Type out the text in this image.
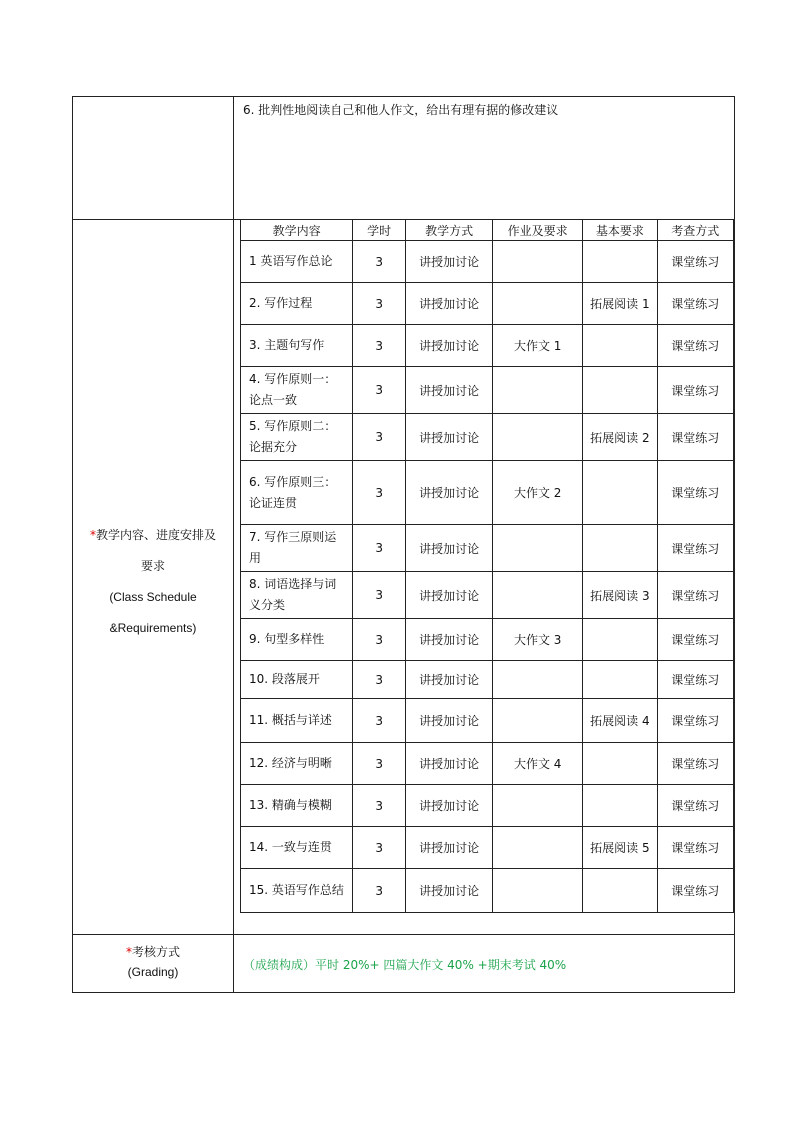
6. 批判性地阅读自己和他人作文，给出有理有据的修改建议
*教学内容、进度安排及
要求
(Class Schedule
&Requirements)
教学内容	学时	教学方式	作业及要求	基本要求	考查方式
1 英语写作总论	3	讲授加讨论			课堂练习
2. 写作过程	3	讲授加讨论		拓展阅读 1	课堂练习
3. 主题句写作	3	讲授加讨论	大作文 1		课堂练习
4. 写作原则一：论点一致	3	讲授加讨论			课堂练习
5. 写作原则二：论据充分	3	讲授加讨论		拓展阅读 2	课堂练习
6. 写作原则三： 论证连贯	3	讲授加讨论	大作文 2		课堂练习
7. 写作三原则运用	3	讲授加讨论			课堂练习
8. 词语选择与词义分类	3	讲授加讨论		拓展阅读 3	课堂练习
9. 句型多样性	3	讲授加讨论	大作文 3		课堂练习
10. 段落展开	3	讲授加讨论			课堂练习
11. 概括与详述	3	讲授加讨论		拓展阅读 4	课堂练习
12. 经济与明晰	3	讲授加讨论	大作文 4		课堂练习
13. 精确与模糊	3	讲授加讨论			课堂练习
14. 一致与连贯	3	讲授加讨论		拓展阅读 5	课堂练习
15. 英语写作总结	3	讲授加讨论			课堂练习
*考核方式
(Grading)	（成绩构成）平时 20%+ 四篇大作文 40% +期末考试 40%
